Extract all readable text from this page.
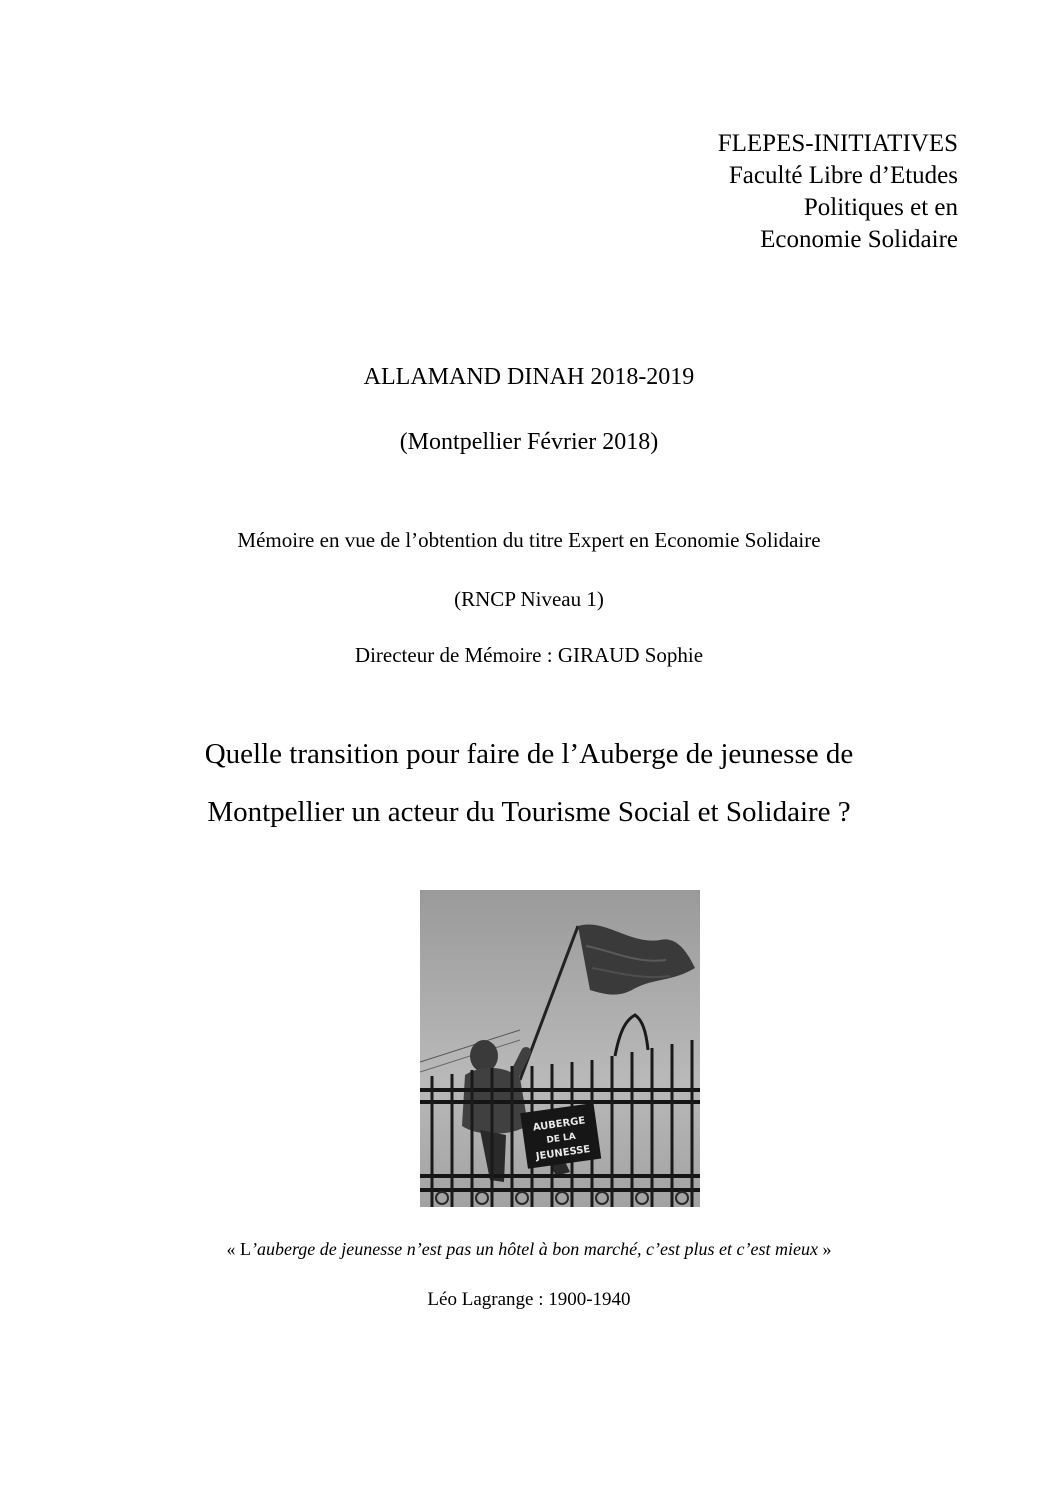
FLEPES-INITIATIVES
Faculté Libre d’Etudes
Politiques et en
Economie Solidaire
ALLAMAND DINAH 2018-2019
(Montpellier Février 2018)
Mémoire en vue de l’obtention du titre Expert en Economie Solidaire
(RNCP Niveau 1)
Directeur de Mémoire : GIRAUD Sophie
Quelle transition pour faire de l’Auberge de jeunesse de
Montpellier un acteur du Tourisme Social et Solidaire ?
AUBERGE
DE LA
JEUNESSE
« L’auberge de jeunesse n’est pas un hôtel à bon marché, c’est plus et c’est mieux »
Léo Lagrange : 1900-1940
